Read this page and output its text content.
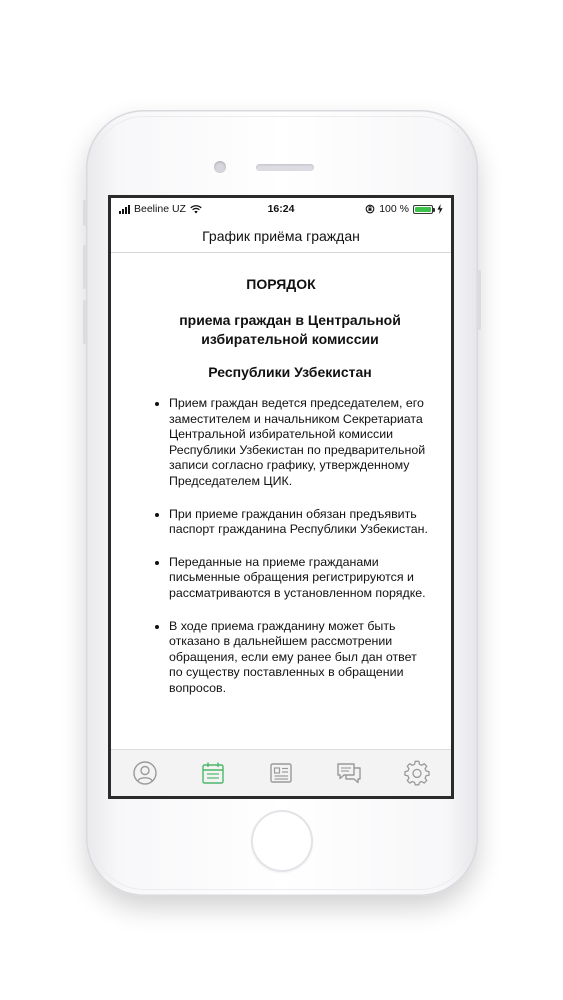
Beeline UZ	16:24	100 %
График приёма граждан

ПОРЯДОК

приема граждан в Центральной избирательной комиссии

Республики Узбекистан

Прием граждан ведется председателем, его заместителем и начальником Секретариата Центральной избирательной комиссии Республики Узбекистан по предварительной записи согласно графику, утвержденному Председателем ЦИК.
При приеме гражданин обязан предъявить паспорт гражданина Республики Узбекистан.
Переданные на приеме гражданами письменные обращения регистрируются и рассматриваются в установленном порядке.
В ходе приема гражданину может быть отказано в дальнейшем рассмотрении обращения, если ему ранее был дан ответ по существу поставленных в обращении вопросов.
